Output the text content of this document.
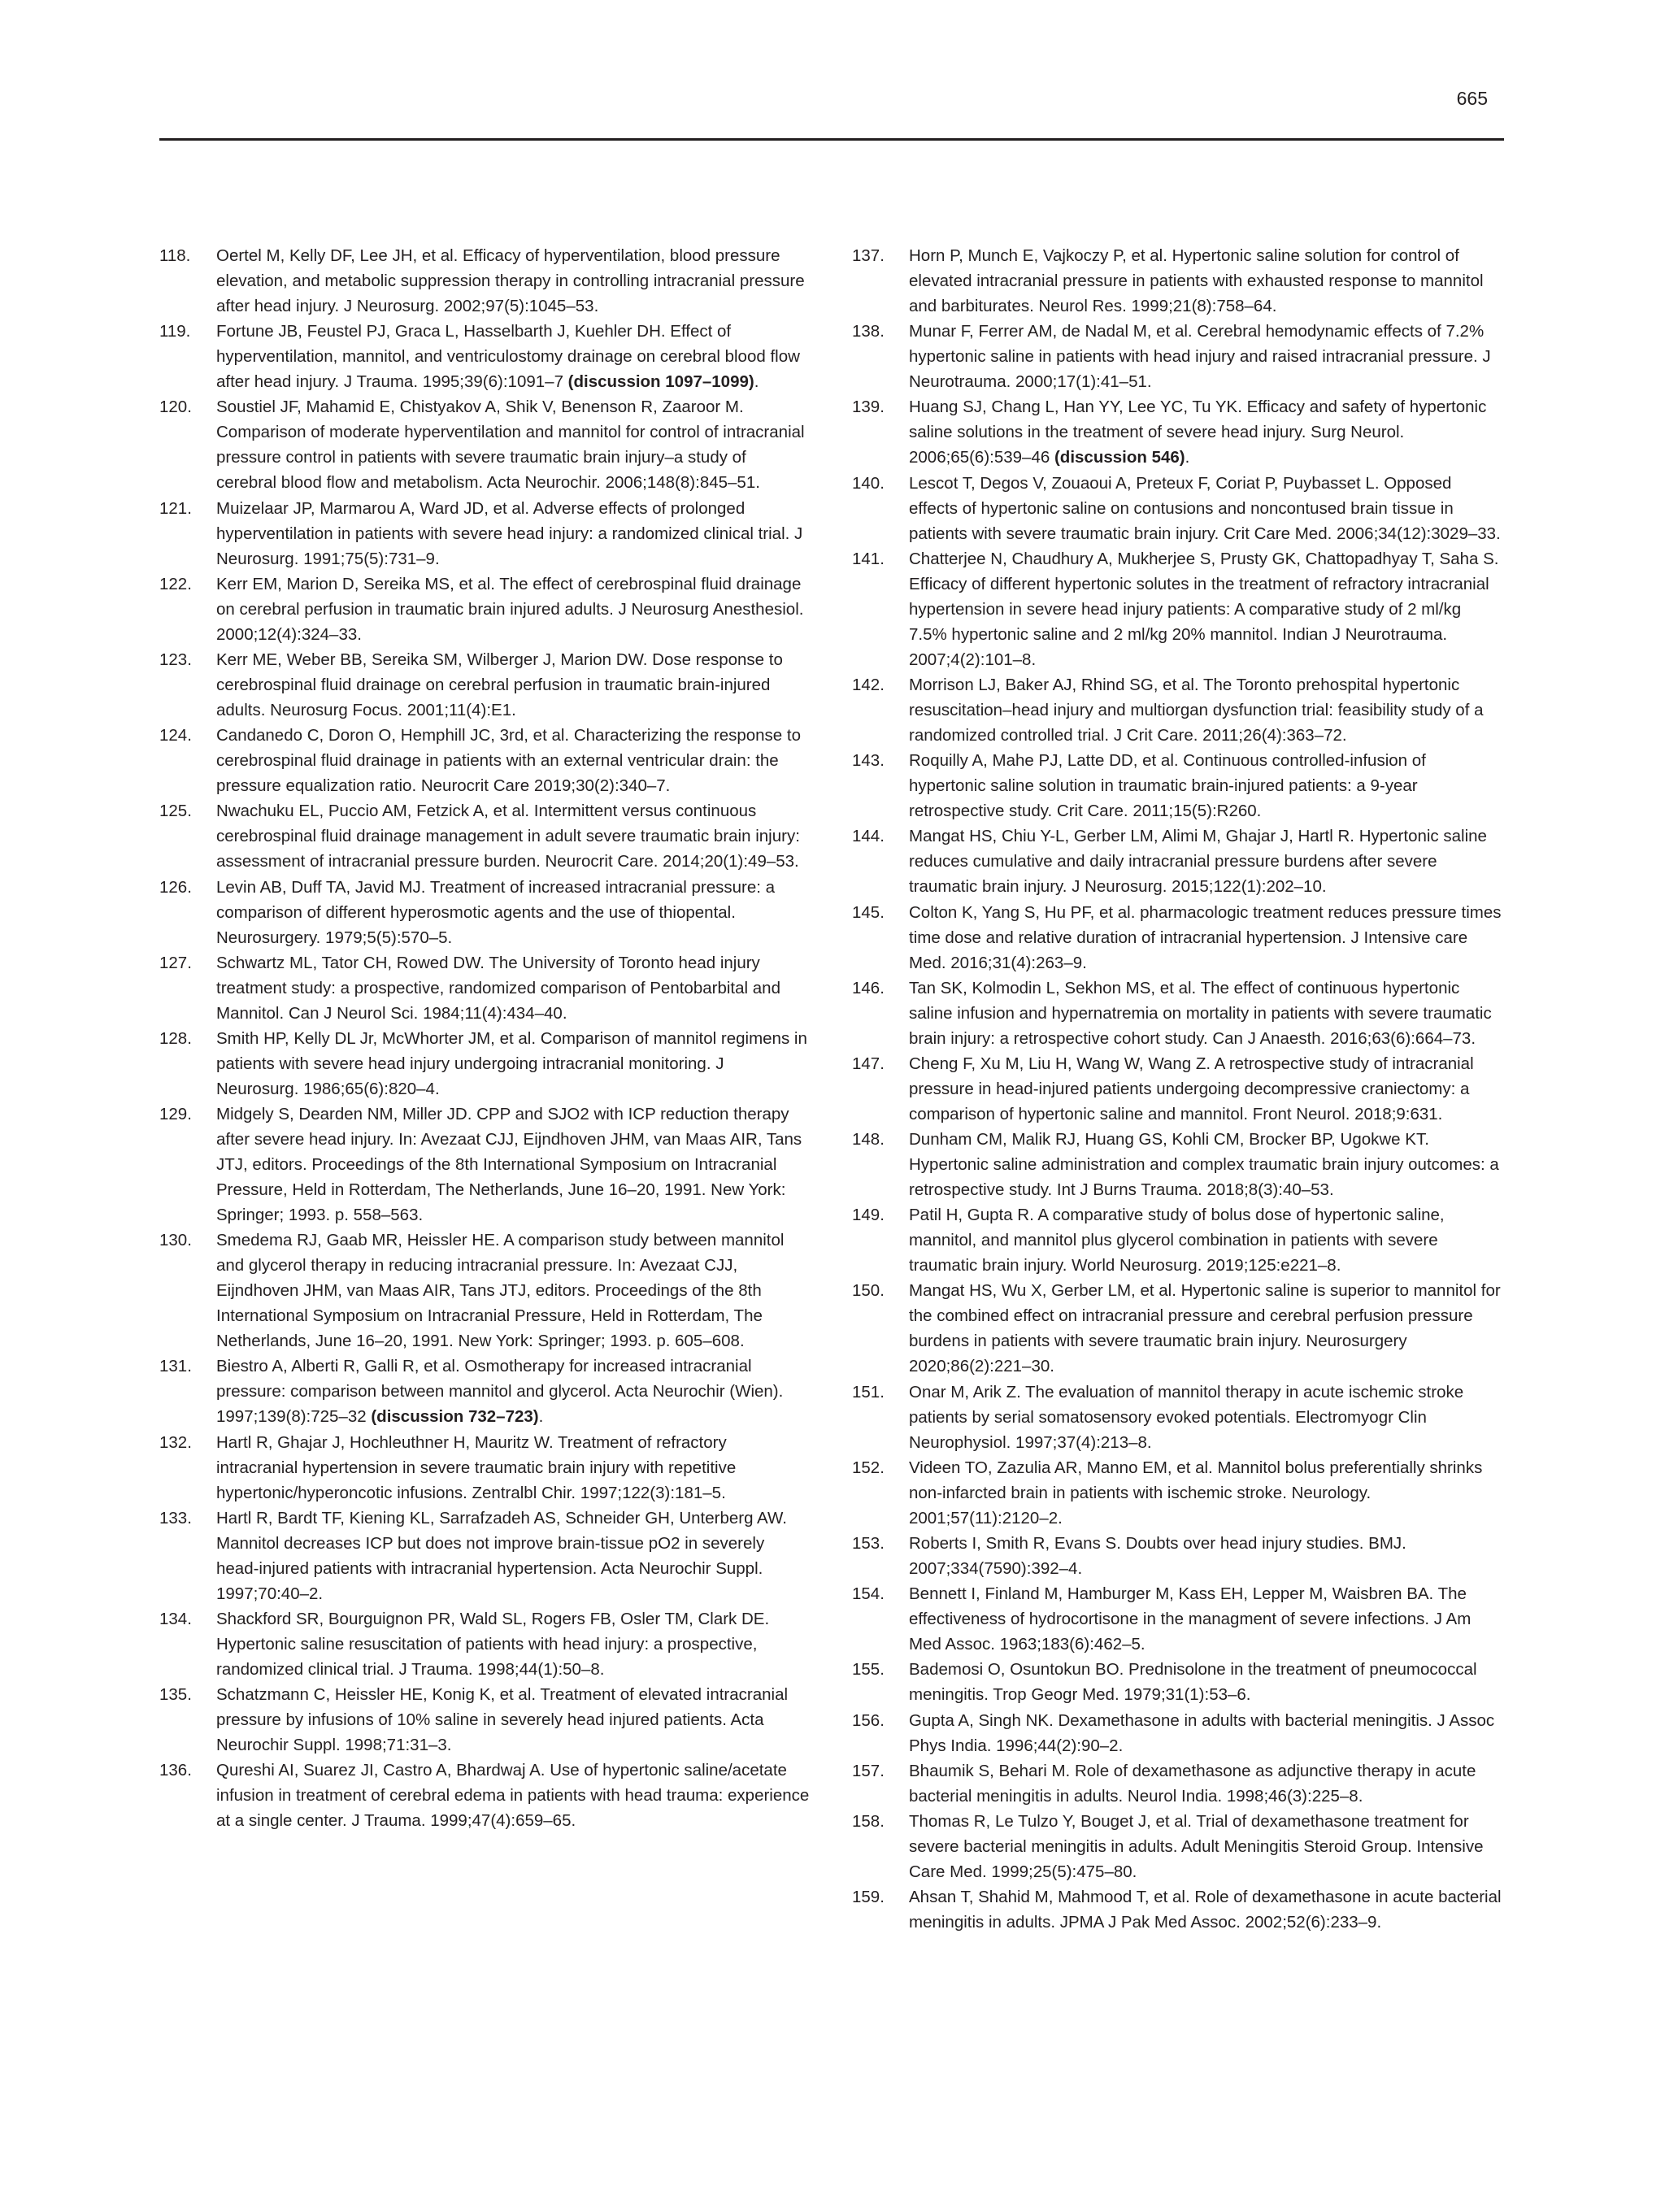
665
118. Oertel M, Kelly DF, Lee JH, et al. Efficacy of hyperventilation, blood pressure elevation, and metabolic suppression therapy in controlling intracranial pressure after head injury. J Neurosurg. 2002;97(5):1045–53.
119. Fortune JB, Feustel PJ, Graca L, Hasselbarth J, Kuehler DH. Effect of hyperventilation, mannitol, and ventriculostomy drainage on cerebral blood flow after head injury. J Trauma. 1995;39(6):1091–7 (discussion 1097–1099).
120. Soustiel JF, Mahamid E, Chistyakov A, Shik V, Benenson R, Zaaroor M. Comparison of moderate hyperventilation and mannitol for control of intracranial pressure control in patients with severe traumatic brain injury–a study of cerebral blood flow and metabolism. Acta Neurochir. 2006;148(8):845–51.
121. Muizelaar JP, Marmarou A, Ward JD, et al. Adverse effects of prolonged hyperventilation in patients with severe head injury: a randomized clinical trial. J Neurosurg. 1991;75(5):731–9.
122. Kerr EM, Marion D, Sereika MS, et al. The effect of cerebrospinal fluid drainage on cerebral perfusion in traumatic brain injured adults. J Neurosurg Anesthesiol. 2000;12(4):324–33.
123. Kerr ME, Weber BB, Sereika SM, Wilberger J, Marion DW. Dose response to cerebrospinal fluid drainage on cerebral perfusion in traumatic brain-injured adults. Neurosurg Focus. 2001;11(4):E1.
124. Candanedo C, Doron O, Hemphill JC, 3rd, et al. Characterizing the response to cerebrospinal fluid drainage in patients with an external ventricular drain: the pressure equalization ratio. Neurocrit Care 2019;30(2):340–7.
125. Nwachuku EL, Puccio AM, Fetzick A, et al. Intermittent versus continuous cerebrospinal fluid drainage management in adult severe traumatic brain injury: assessment of intracranial pressure burden. Neurocrit Care. 2014;20(1):49–53.
126. Levin AB, Duff TA, Javid MJ. Treatment of increased intracranial pressure: a comparison of different hyperosmotic agents and the use of thiopental. Neurosurgery. 1979;5(5):570–5.
127. Schwartz ML, Tator CH, Rowed DW. The University of Toronto head injury treatment study: a prospective, randomized comparison of Pentobarbital and Mannitol. Can J Neurol Sci. 1984;11(4):434–40.
128. Smith HP, Kelly DL Jr, McWhorter JM, et al. Comparison of mannitol regimens in patients with severe head injury undergoing intracranial monitoring. J Neurosurg. 1986;65(6):820–4.
129. Midgely S, Dearden NM, Miller JD. CPP and SJO2 with ICP reduction therapy after severe head injury. In: Avezaat CJJ, Eijndhoven JHM, van Maas AIR, Tans JTJ, editors. Proceedings of the 8th International Symposium on Intracranial Pressure, Held in Rotterdam, The Netherlands, June 16–20, 1991. New York: Springer; 1993. p. 558–563.
130. Smedema RJ, Gaab MR, Heissler HE. A comparison study between mannitol and glycerol therapy in reducing intracranial pressure. In: Avezaat CJJ, Eijndhoven JHM, van Maas AIR, Tans JTJ, editors. Proceedings of the 8th International Symposium on Intracranial Pressure, Held in Rotterdam, The Netherlands, June 16–20, 1991. New York: Springer; 1993. p. 605–608.
131. Biestro A, Alberti R, Galli R, et al. Osmotherapy for increased intracranial pressure: comparison between mannitol and glycerol. Acta Neurochir (Wien). 1997;139(8):725–32 (discussion 732–723).
132. Hartl R, Ghajar J, Hochleuthner H, Mauritz W. Treatment of refractory intracranial hypertension in severe traumatic brain injury with repetitive hypertonic/hyperoncotic infusions. Zentralbl Chir. 1997;122(3):181–5.
133. Hartl R, Bardt TF, Kiening KL, Sarrafzadeh AS, Schneider GH, Unterberg AW. Mannitol decreases ICP but does not improve brain-tissue pO2 in severely head-injured patients with intracranial hypertension. Acta Neurochir Suppl. 1997;70:40–2.
134. Shackford SR, Bourguignon PR, Wald SL, Rogers FB, Osler TM, Clark DE. Hypertonic saline resuscitation of patients with head injury: a prospective, randomized clinical trial. J Trauma. 1998;44(1):50–8.
135. Schatzmann C, Heissler HE, Konig K, et al. Treatment of elevated intracranial pressure by infusions of 10% saline in severely head injured patients. Acta Neurochir Suppl. 1998;71:31–3.
136. Qureshi AI, Suarez JI, Castro A, Bhardwaj A. Use of hypertonic saline/acetate infusion in treatment of cerebral edema in patients with head trauma: experience at a single center. J Trauma. 1999;47(4):659–65.
137. Horn P, Munch E, Vajkoczy P, et al. Hypertonic saline solution for control of elevated intracranial pressure in patients with exhausted response to mannitol and barbiturates. Neurol Res. 1999;21(8):758–64.
138. Munar F, Ferrer AM, de Nadal M, et al. Cerebral hemodynamic effects of 7.2% hypertonic saline in patients with head injury and raised intracranial pressure. J Neurotrauma. 2000;17(1):41–51.
139. Huang SJ, Chang L, Han YY, Lee YC, Tu YK. Efficacy and safety of hypertonic saline solutions in the treatment of severe head injury. Surg Neurol. 2006;65(6):539–46 (discussion 546).
140. Lescot T, Degos V, Zouaoui A, Preteux F, Coriat P, Puybasset L. Opposed effects of hypertonic saline on contusions and noncontused brain tissue in patients with severe traumatic brain injury. Crit Care Med. 2006;34(12):3029–33.
141. Chatterjee N, Chaudhury A, Mukherjee S, Prusty GK, Chattopadhyay T, Saha S. Efficacy of different hypertonic solutes in the treatment of refractory intracranial hypertension in severe head injury patients: A comparative study of 2 ml/kg 7.5% hypertonic saline and 2 ml/kg 20% mannitol. Indian J Neurotrauma. 2007;4(2):101–8.
142. Morrison LJ, Baker AJ, Rhind SG, et al. The Toronto prehospital hypertonic resuscitation–head injury and multiorgan dysfunction trial: feasibility study of a randomized controlled trial. J Crit Care. 2011;26(4):363–72.
143. Roquilly A, Mahe PJ, Latte DD, et al. Continuous controlled-infusion of hypertonic saline solution in traumatic brain-injured patients: a 9-year retrospective study. Crit Care. 2011;15(5):R260.
144. Mangat HS, Chiu Y-L, Gerber LM, Alimi M, Ghajar J, Hartl R. Hypertonic saline reduces cumulative and daily intracranial pressure burdens after severe traumatic brain injury. J Neurosurg. 2015;122(1):202–10.
145. Colton K, Yang S, Hu PF, et al. pharmacologic treatment reduces pressure times time dose and relative duration of intracranial hypertension. J Intensive care Med. 2016;31(4):263–9.
146. Tan SK, Kolmodin L, Sekhon MS, et al. The effect of continuous hypertonic saline infusion and hypernatremia on mortality in patients with severe traumatic brain injury: a retrospective cohort study. Can J Anaesth. 2016;63(6):664–73.
147. Cheng F, Xu M, Liu H, Wang W, Wang Z. A retrospective study of intracranial pressure in head-injured patients undergoing decompressive craniectomy: a comparison of hypertonic saline and mannitol. Front Neurol. 2018;9:631.
148. Dunham CM, Malik RJ, Huang GS, Kohli CM, Brocker BP, Ugokwe KT. Hypertonic saline administration and complex traumatic brain injury outcomes: a retrospective study. Int J Burns Trauma. 2018;8(3):40–53.
149. Patil H, Gupta R. A comparative study of bolus dose of hypertonic saline, mannitol, and mannitol plus glycerol combination in patients with severe traumatic brain injury. World Neurosurg. 2019;125:e221–8.
150. Mangat HS, Wu X, Gerber LM, et al. Hypertonic saline is superior to mannitol for the combined effect on intracranial pressure and cerebral perfusion pressure burdens in patients with severe traumatic brain injury. Neurosurgery 2020;86(2):221–30.
151. Onar M, Arik Z. The evaluation of mannitol therapy in acute ischemic stroke patients by serial somatosensory evoked potentials. Electromyogr Clin Neurophysiol. 1997;37(4):213–8.
152. Videen TO, Zazulia AR, Manno EM, et al. Mannitol bolus preferentially shrinks non-infarcted brain in patients with ischemic stroke. Neurology. 2001;57(11):2120–2.
153. Roberts I, Smith R, Evans S. Doubts over head injury studies. BMJ. 2007;334(7590):392–4.
154. Bennett I, Finland M, Hamburger M, Kass EH, Lepper M, Waisbren BA. The effectiveness of hydrocortisone in the managment of severe infections. J Am Med Assoc. 1963;183(6):462–5.
155. Bademosi O, Osuntokun BO. Prednisolone in the treatment of pneumococcal meningitis. Trop Geogr Med. 1979;31(1):53–6.
156. Gupta A, Singh NK. Dexamethasone in adults with bacterial meningitis. J Assoc Phys India. 1996;44(2):90–2.
157. Bhaumik S, Behari M. Role of dexamethasone as adjunctive therapy in acute bacterial meningitis in adults. Neurol India. 1998;46(3):225–8.
158. Thomas R, Le Tulzo Y, Bouget J, et al. Trial of dexamethasone treatment for severe bacterial meningitis in adults. Adult Meningitis Steroid Group. Intensive Care Med. 1999;25(5):475–80.
159. Ahsan T, Shahid M, Mahmood T, et al. Role of dexamethasone in acute bacterial meningitis in adults. JPMA J Pak Med Assoc. 2002;52(6):233–9.
